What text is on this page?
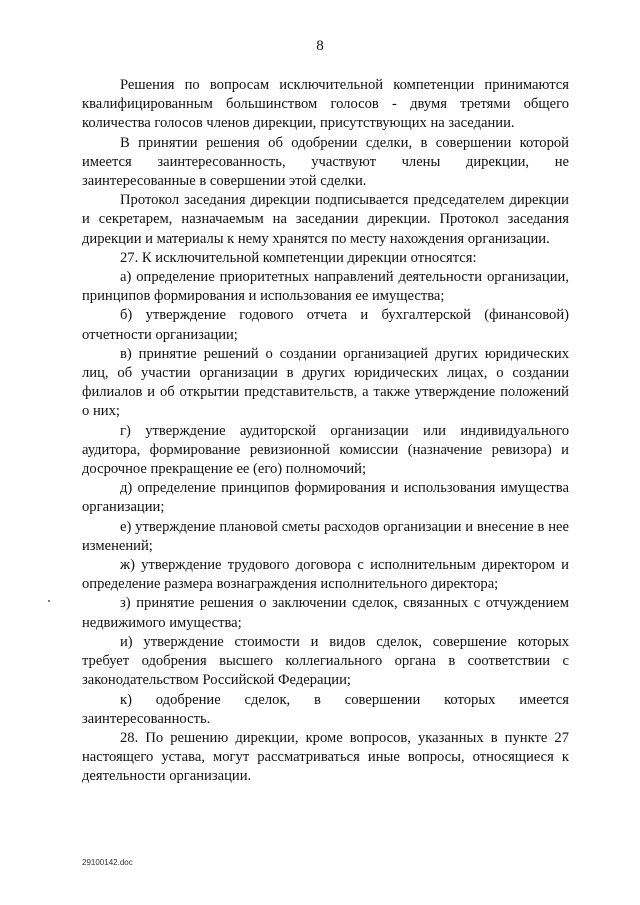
8

Решения по вопросам исключительной компетенции принимаются квалифицированным большинством голосов - двумя третями общего количества голосов членов дирекции, присутствующих на заседании.

В принятии решения об одобрении сделки, в совершении которой имеется заинтересованность, участвуют члены дирекции, не заинтересованные в совершении этой сделки.

Протокол заседания дирекции подписывается председателем дирекции и секретарем, назначаемым на заседании дирекции. Протокол заседания дирекции и материалы к нему хранятся по месту нахождения организации.

27. К исключительной компетенции дирекции относятся:

а) определение приоритетных направлений деятельности организации, принципов формирования и использования ее имущества;

б) утверждение годового отчета и бухгалтерской (финансовой) отчетности организации;

в) принятие решений о создании организацией других юридических лиц, об участии организации в других юридических лицах, о создании филиалов и об открытии представительств, а также утверждение положений о них;

г) утверждение аудиторской организации или индивидуального аудитора, формирование ревизионной комиссии (назначение ревизора) и досрочное прекращение ее (его) полномочий;

д) определение принципов формирования и использования имущества организации;

е) утверждение плановой сметы расходов организации и внесение в нее изменений;

ж) утверждение трудового договора с исполнительным директором и определение размера вознаграждения исполнительного директора;

з) принятие решения о заключении сделок, связанных с отчуждением недвижимого имущества;

и) утверждение стоимости и видов сделок, совершение которых требует одобрения высшего коллегиального органа в соответствии с законодательством Российской Федерации;

к) одобрение сделок, в совершении которых имеется заинтересованность.

28. По решению дирекции, кроме вопросов, указанных в пункте 27 настоящего устава, могут рассматриваться иные вопросы, относящиеся к деятельности организации.

29100142.doc
